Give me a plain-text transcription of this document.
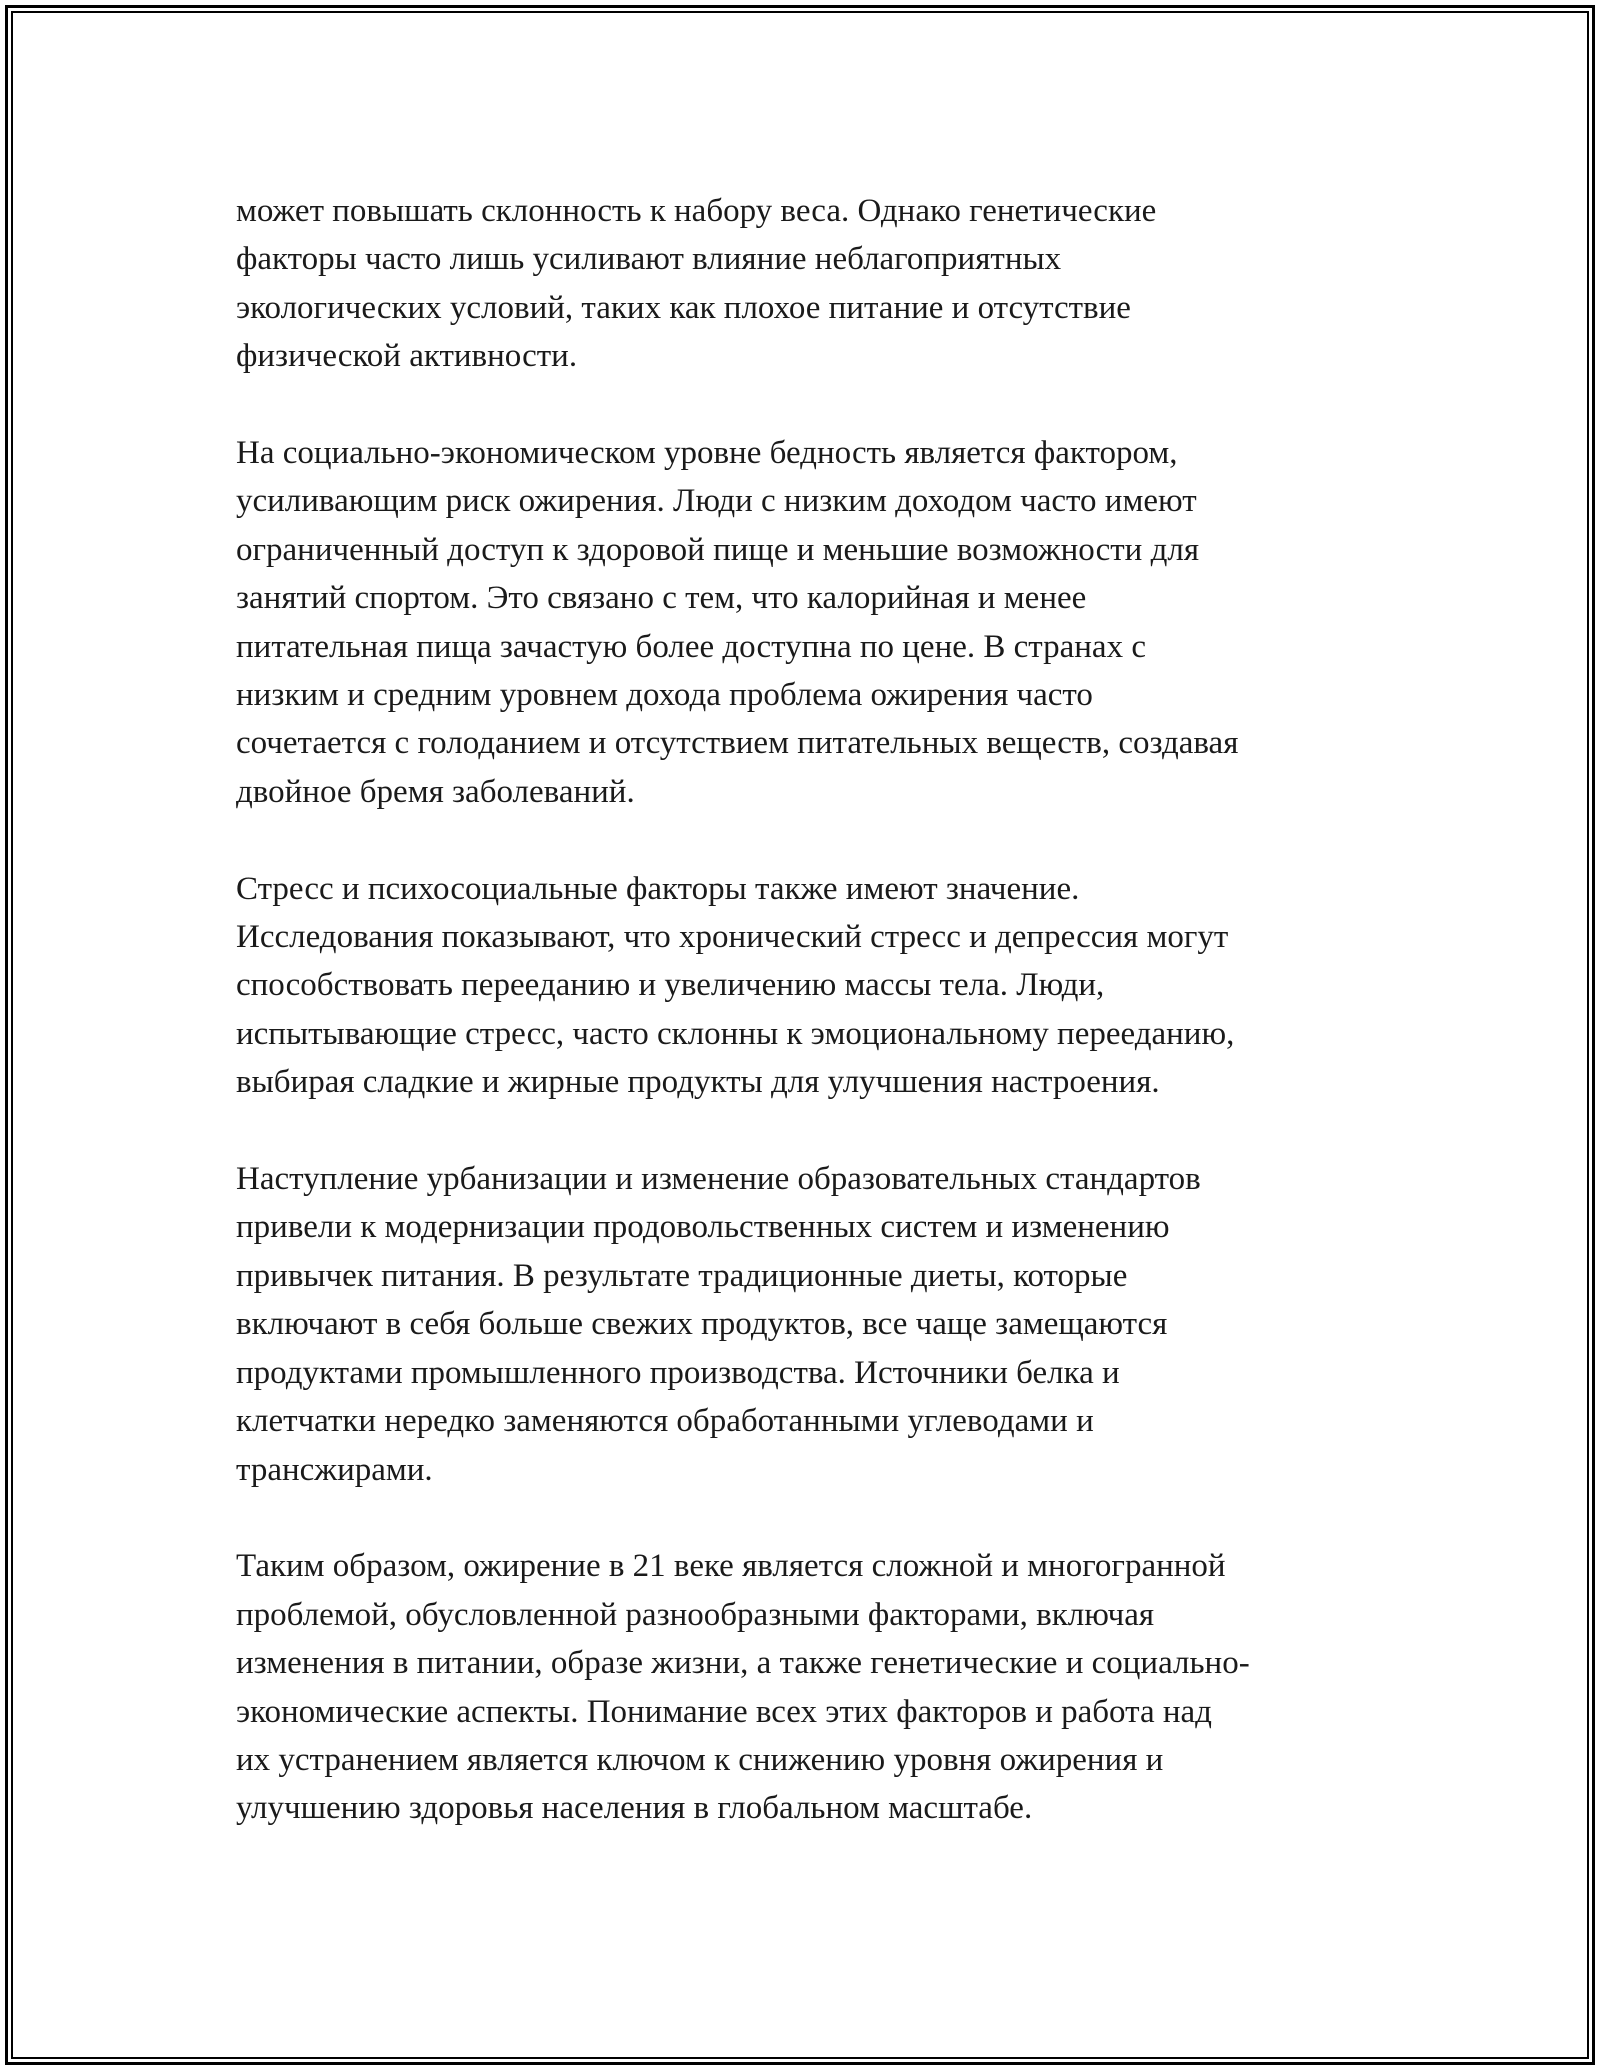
может повышать склонность к набору веса. Однако генетические
факторы часто лишь усиливают влияние неблагоприятных
экологических условий, таких как плохое питание и отсутствие
физической активности.

На социально-экономическом уровне бедность является фактором,
усиливающим риск ожирения. Люди с низким доходом часто имеют
ограниченный доступ к здоровой пище и меньшие возможности для
занятий спортом. Это связано с тем, что калорийная и менее
питательная пища зачастую более доступна по цене. В странах с
низким и средним уровнем дохода проблема ожирения часто
сочетается с голоданием и отсутствием питательных веществ, создавая
двойное бремя заболеваний.

Стресс и психосоциальные факторы также имеют значение.
Исследования показывают, что хронический стресс и депрессия могут
способствовать перееданию и увеличению массы тела. Люди,
испытывающие стресс, часто склонны к эмоциональному перееданию,
выбирая сладкие и жирные продукты для улучшения настроения.

Наступление урбанизации и изменение образовательных стандартов
привели к модернизации продовольственных систем и изменению
привычек питания. В результате традиционные диеты, которые
включают в себя больше свежих продуктов, все чаще замещаются
продуктами промышленного производства. Источники белка и
клетчатки нередко заменяются обработанными углеводами и
трансжирами.

Таким образом, ожирение в 21 веке является сложной и многогранной
проблемой, обусловленной разнообразными факторами, включая
изменения в питании, образе жизни, а также генетические и социально-
экономические аспекты. Понимание всех этих факторов и работа над
их устранением является ключом к снижению уровня ожирения и
улучшению здоровья населения в глобальном масштабе.
